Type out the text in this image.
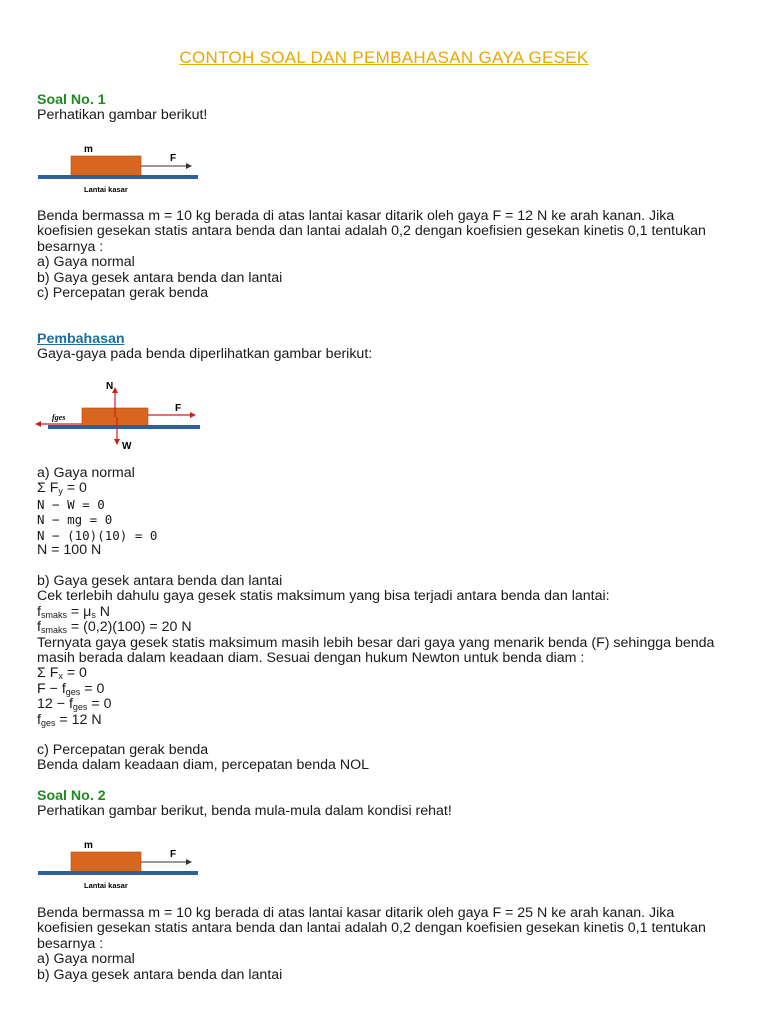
CONTOH SOAL DAN PEMBAHASAN GAYA GESEK
Soal No. 1
Perhatikan gambar berikut!
m
F
Lantai kasar
Benda bermassa m = 10 kg berada di atas lantai kasar ditarik oleh gaya F = 12 N ke arah kanan. Jika
koefisien gesekan statis antara benda dan lantai adalah 0,2 dengan koefisien gesekan kinetis 0,1 tentukan
besarnya :
a) Gaya normal
b) Gaya gesek antara benda dan lantai
c) Percepatan gerak benda
Pembahasan
Gaya-gaya pada benda diperlihatkan gambar berikut:
N
W
F
fges
a) Gaya normal
Σ $F_y = 0$
N − W = 0
N − mg = 0
N − (10)(10) = 0
N = 100 N
b) Gaya gesek antara benda dan lantai
Cek terlebih dahulu gaya gesek statis maksimum yang bisa terjadi antara benda dan lantai:
$f_{smaks} = \mu_s$ N
$f_{smaks} = (0,2)(100) = 20$ N
Ternyata gaya gesek statis maksimum masih lebih besar dari gaya yang menarik benda (F) sehingga benda
masih berada dalam keadaan diam. Sesuai dengan hukum Newton untuk benda diam :
Σ $F_x = 0$
$F - f_{ges} = 0$
$12 - f_{ges} = 0$
$f_{ges} = 12$ N
c) Percepatan gerak benda
Benda dalam keadaan diam, percepatan benda NOL
Soal No. 2
Perhatikan gambar berikut, benda mula-mula dalam kondisi rehat!
m
F
Lantai kasar
Benda bermassa m = 10 kg berada di atas lantai kasar ditarik oleh gaya F = 25 N ke arah kanan. Jika
koefisien gesekan statis antara benda dan lantai adalah 0,2 dengan koefisien gesekan kinetis 0,1 tentukan
besarnya :
a) Gaya normal
b) Gaya gesek antara benda dan lantai
